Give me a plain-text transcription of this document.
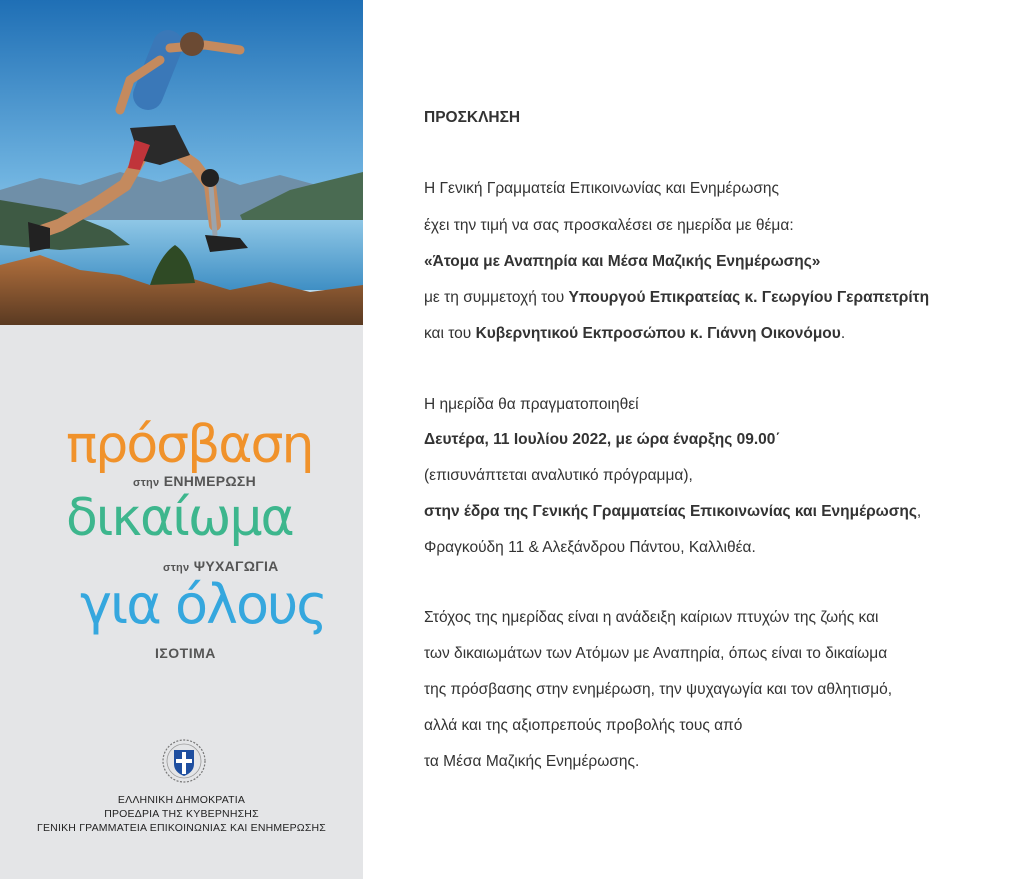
πρόσβαση
στην ΕΝΗΜΕΡΩΣΗ
δικαίωμα
στην ΨΥΧΑΓΩΓΙΑ
για όλους
ΙΣΟΤΙΜΑ
ΕΛΛΗΝΙΚΗ ΔΗΜΟΚΡΑΤΙΑ
ΠΡΟΕΔΡΙΑ ΤΗΣ ΚΥΒΕΡΝΗΣΗΣ
ΓΕΝΙΚΗ ΓΡΑΜΜΑΤΕΙΑ ΕΠΙΚΟΙΝΩΝΙΑΣ ΚΑΙ ΕΝΗΜΕΡΩΣΗΣ
ΠΡΟΣΚΛΗΣΗ
Η Γενική Γραμματεία Επικοινωνίας και Ενημέρωσης
έχει την τιμή να σας προσκαλέσει σε ημερίδα με θέμα:
«Άτομα με Αναπηρία και Μέσα Μαζικής Ενημέρωσης»
με τη συμμετοχή του Υπουργού Επικρατείας κ. Γεωργίου Γεραπετρίτη
και του Κυβερνητικού Εκπροσώπου κ. Γιάννη Οικονόμου.
Η ημερίδα θα πραγματοποιηθεί
Δευτέρα, 11 Ιουλίου 2022, με ώρα έναρξης 09.00΄
(επισυνάπτεται αναλυτικό πρόγραμμα),
στην έδρα της Γενικής Γραμματείας Επικοινωνίας και Ενημέρωσης,
Φραγκούδη 11 & Αλεξάνδρου Πάντου, Καλλιθέα.
Στόχος της ημερίδας είναι η ανάδειξη καίριων πτυχών της ζωής και
των δικαιωμάτων των Ατόμων με Αναπηρία, όπως είναι το δικαίωμα
της πρόσβασης στην ενημέρωση, την ψυχαγωγία και τον αθλητισμό,
αλλά και της αξιοπρεπούς προβολής τους από
τα Μέσα Μαζικής Ενημέρωσης.
